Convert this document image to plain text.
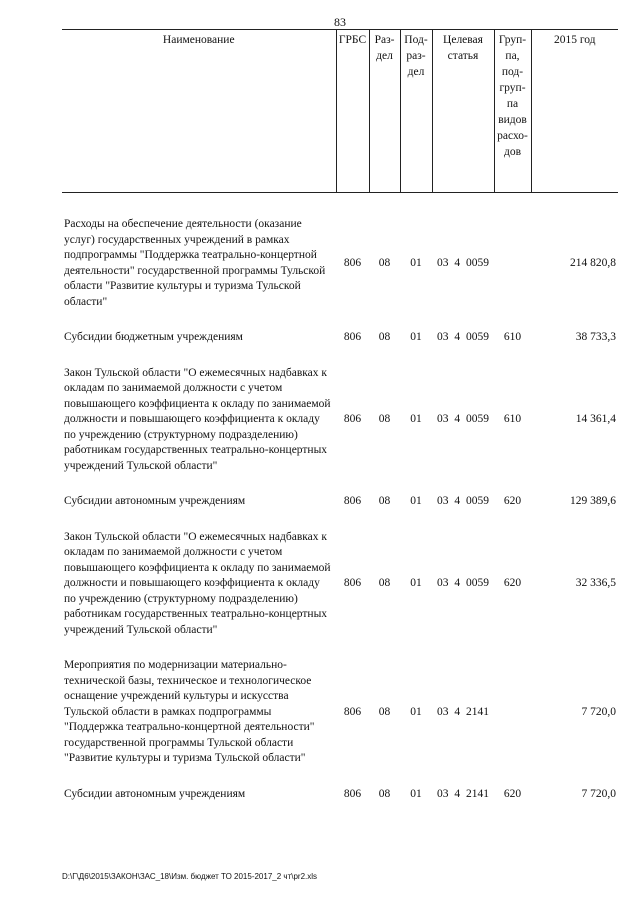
83
Наименование	ГРБС	Раз- дел	Под- раз- дел	Целевая статья	Груп- па, под- груп- па видов расхо- дов	2015 год

Расходы на обеспечение деятельности (оказание услуг) государственных учреждений в рамках подпрограммы "Поддержка театрально-концертной деятельности" государственной программы Тульской области "Развитие культуры и туризма Тульской области"	806	08	01	03 4 0059		214 820,8

Субсидии бюджетным учреждениям	806	08	01	03 4 0059	610	38 733,3

Закон Тульской области "О ежемесячных надбавках к окладам по занимаемой должности с учетом повышающего коэффициента к окладу по занимаемой должности и повышающего коэффициента к окладу по учреждению (структурному подразделению) работникам государственных театрально-концертных учреждений Тульской области"	806	08	01	03 4 0059	610	14 361,4

Субсидии автономным учреждениям	806	08	01	03 4 0059	620	129 389,6

Закон Тульской области "О ежемесячных надбавках к окладам по занимаемой должности с учетом повышающего коэффициента к окладу по занимаемой должности и повышающего коэффициента к окладу по учреждению (структурному подразделению) работникам государственных театрально-концертных учреждений Тульской области"	806	08	01	03 4 0059	620	32 336,5

Мероприятия по модернизации материально-технической базы, техническое и технологическое оснащение учреждений культуры и искусства Тульской области в рамках подпрограммы "Поддержка театрально-концертной деятельности" государственной программы Тульской области "Развитие культуры и туризма Тульской области"	806	08	01	03 4 2141		7 720,0

Субсидии автономным учреждениям	806	08	01	03 4 2141	620	7 720,0
D:\Г\Д6\2015\ЗАКОН\ЗАС_18\Изм. бюджет ТО 2015-2017_2 чт\pr2.xls
